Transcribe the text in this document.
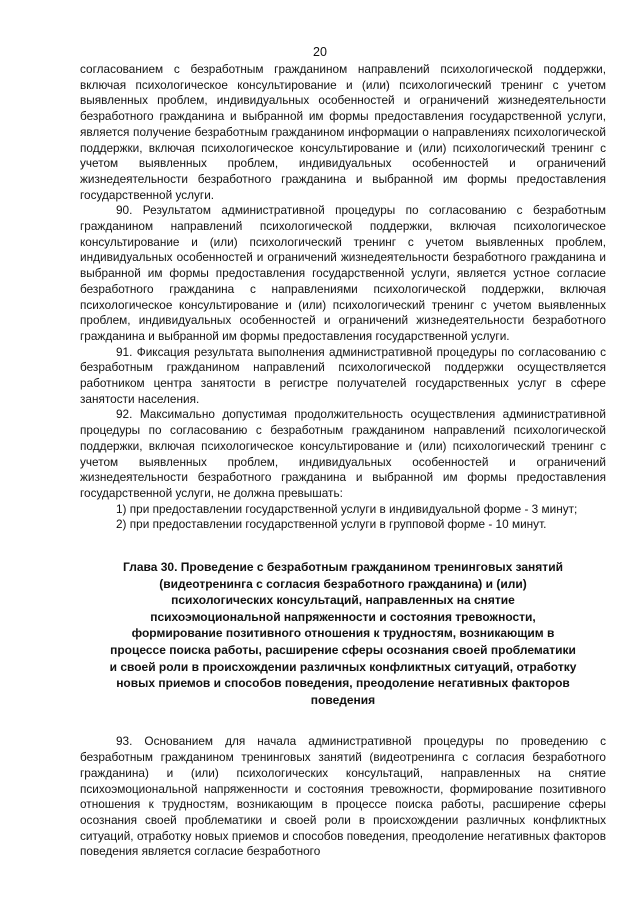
20

согласованием с безработным гражданином направлений психологической поддержки, включая психологическое консультирование и (или) психологический тренинг с учетом выявленных проблем, индивидуальных особенностей и ограничений жизнедеятельности безработного гражданина и выбранной им формы предоставления государственной услуги, является получение безработным гражданином информации о направлениях психологической поддержки, включая психологическое консультирование и (или) психологический тренинг с учетом выявленных проблем, индивидуальных особенностей и ограничений жизнедеятельности безработного гражданина и выбранной им формы предоставления государственной услуги.

90. Результатом административной процедуры по согласованию с безработным гражданином направлений психологической поддержки, включая психологическое консультирование и (или) психологический тренинг с учетом выявленных проблем, индивидуальных особенностей и ограничений жизнедеятельности безработного гражданина и выбранной им формы предоставления государственной услуги, является устное согласие безработного гражданина с направлениями психологической поддержки, включая психологическое консультирование и (или) психологический тренинг с учетом выявленных проблем, индивидуальных особенностей и ограничений жизнедеятельности безработного гражданина и выбранной им формы предоставления государственной услуги.

91. Фиксация результата выполнения административной процедуры по согласованию с безработным гражданином направлений психологической поддержки осуществляется работником центра занятости в регистре получателей государственных услуг в сфере занятости населения.

92. Максимально допустимая продолжительность осуществления административной процедуры по согласованию с безработным гражданином направлений психологической поддержки, включая психологическое консультирование и (или) психологический тренинг с учетом выявленных проблем, индивидуальных особенностей и ограничений жизнедеятельности безработного гражданина и выбранной им формы предоставления государственной услуги, не должна превышать:

1) при предоставлении государственной услуги в индивидуальной форме - 3 минут;

2) при предоставлении государственной услуги в групповой форме - 10 минут.

Глава 30. Проведение с безработным гражданином тренинговых занятий (видеотренинга с согласия безработного гражданина) и (или) психологических консультаций, направленных на снятие психоэмоциональной напряженности и состояния тревожности, формирование позитивного отношения к трудностям, возникающим в процессе поиска работы, расширение сферы осознания своей проблематики и своей роли в происхождении различных конфликтных ситуаций, отработку новых приемов и способов поведения, преодоление негативных факторов поведения

93. Основанием для начала административной процедуры по проведению с безработным гражданином тренинговых занятий (видеотренинга с согласия безработного гражданина) и (или) психологических консультаций, направленных на снятие психоэмоциональной напряженности и состояния тревожности, формирование позитивного отношения к трудностям, возникающим в процессе поиска работы, расширение сферы осознания своей проблематики и своей роли в происхождении различных конфликтных ситуаций, отработку новых приемов и способов поведения, преодоление негативных факторов поведения является согласие безработного
